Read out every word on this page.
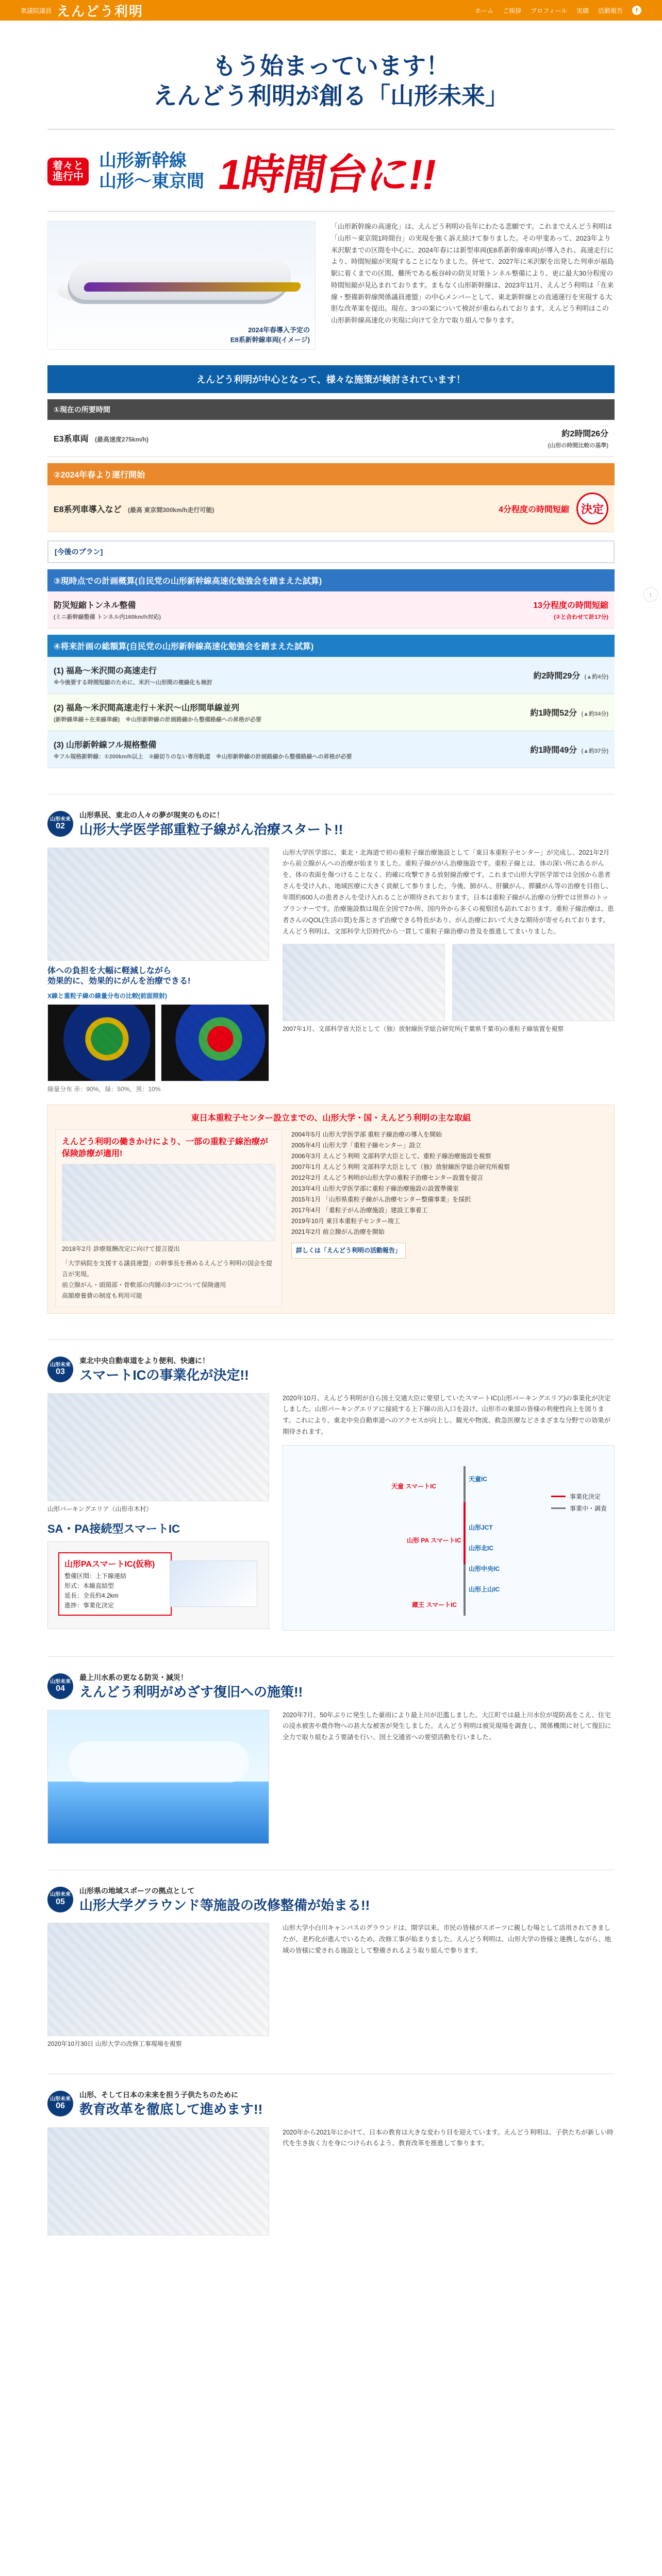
衆議院議員 えんどう利明	ホーム ご挨拶 プロフィール 実績 活動報告	f
もう始まっています！
えんどう利明が創る「山形未来」
着々と
進行中
山形新幹線
山形〜東京間 1時間台に!!
2024年春導入予定の
E8系新幹線車両(イメージ)
「山形新幹線の高速化」は、えんどう利明の長年にわたる悲願です。これまでえんどう利明は「山形〜東京間1時間台」の実現を強く訴え続けて参りました。その甲斐あって、2023年より米沢駅までの区間を中心に、2024年春には新型車両(E8系新幹線車両)が導入され、高速走行により、時間短縮が実現することになりました。併せて、2027年に米沢駅を出発した列車が福島駅に着くまでの区間、難所である板谷峠の防災対策トンネル整備により、更に最大30分程度の時間短縮が見込まれております。まもなく山形新幹線は、2023年11月、えんどう利明は「在来線・整備新幹線関係議員連盟」の中心メンバーとして、東北新幹線との直通運行を実現する大胆な改革案を提出。現在、3つの案について検討が重ねられております。えんどう利明はこの山形新幹線高速化の実現に向けて全力で取り組んで参ります。
えんどう利明が中心となって、様々な施策が検討されています！
①現在の所要時間
E3系車両 (最高速度275km/h)
約2時間26分
(山形の時間比較の基準)
②2024年春より運行開始
E8系列車導入など (最高 東京間300km/h走行可能)	4分程度の時間短縮	決定
[今後のプラン]
③現時点での計画概算(自民党の山形新幹線高速化勉強会を踏まえた試算)
防災短縮トンネル整備
(ミニ新幹線整備 トンネル内160km/h対応)
13分程度の時間短縮
(②と合わせて計17分)
④将来計画の総額算(自民党の山形新幹線高速化勉強会を踏まえた試算)
(1) 福島〜米沢間の高速走行
※今後要する時間短縮のために、米沢〜山形間の複線化も検討
約2時間29分 (▲約4分)
(2) 福島〜米沢間高速走行＋米沢〜山形間単線並列
(新幹線単線＋在来線単線)　※山形新幹線の計画路線から整備路線への昇格が必要
約1時間52分 (▲約34分)
(3) 山形新幹線フル規格整備
※フル規格新幹線：①200km/h以上　②線切りのない専用軌道　※山形新幹線の計画路線から整備路線への昇格が必要
約1時間49分 (▲約37分)
山形未来
02
山形県民、東北の人々の夢が現実のものに！
山形大学医学部重粒子線がん治療スタート!!
体への負担を大幅に軽減しながら
効果的に、効果的にがんを治療できる!
X線と重粒子線の線量分布の比較(前面照射)
線量分布 赤：90%，緑：50%，黒：10%
山形大学医学部に、東北・北海道で初の重粒子線治療施設として「東日本重粒子センター」が完成し、2021年2月から前立腺がんへの治療が始まりました。重粒子線ががん治療施設です。重粒子線とは、体の深い所にあるがんを、体の表面を傷つけることなく、的確に攻撃できる放射線治療です。これまで山形大学医学部では全国から患者さんを受け入れ、地域医療に大きく貢献して参りました。今後、肺がん、肝臓がん、膵臓がん等の治療を目指し、年間約600人の患者さんを受け入れることが期待されております。日本は重粒子線がん治療の分野では世界のトップランナーです。治療施設数は現在全国で7か所、国内外から多くの視察団も訪れております。重粒子線治療は、患者さんのQOL(生活の質)を落とさず治療できる特長があり、がん治療において大きな期待が寄せられております。えんどう利明は、文部科学大臣時代から一貫して重粒子線治療の普及を推進してまいりました。
2007年1月、文部科学省大臣として（独）放射線医学総合研究所(千葉県千葉市)の重粒子線装置を視察
東日本重粒子センター設立までの、山形大学・国・えんどう利明の主な取組
えんどう利明の働きかけにより、一部の重粒子線治療が保険診療が適用!
2018年2月 診療報酬改定に向けて提言提出
「大学病院を支援する議員連盟」の幹事長を務めるえんどう利明の国会を提言が実現。
前立腺がん・頭頸部・骨軟部の肉腫の3つについて保険適用
高額療養費の制度も利用可能
2004年5月 山形大学医学部 重粒子線治療の導入を開始
2005年4月 山形大学「重粒子線センター」設立
2006年3月 えんどう利明 文部科学大臣として、重粒子線治療施設を視察
2007年1月 えんどう利明 文部科学大臣として（独）放射線医学総合研究所視察
2012年2月 えんどう利明が山形大学の重粒子治療センター設置を提言
2013年4月 山形大学医学部に重粒子線治療施設の設置準備室
2015年1月 「山形県重粒子線がん治療センター整備事業」を採択
2017年4月 「重粒子がん治療施設」建設工事着工
2019年10月 東日本重粒子センター竣工
2021年2月 前立腺がん治療を開始
詳しくは「えんどう利明の活動報告」
山形未来
03
東北中央自動車道をより便利、快適に！
スマートICの事業化が決定!!
山形パーキングエリア（山形市木村）
SA・PA接続型スマートIC
山形PAスマートIC(仮称)
整備区間：上下線連結
形式：本線直結型
延長：全長約4.2km
進捗：事業化決定
2020年10月、えんどう利明が自ら国土交通大臣に要望していたスマートIC(山形パーキングエリア)の事業化が決定しました。山形パーキングエリアに接続する上下線の出入口を設け、山形市の東部の皆様の利便性向上を図ります。これにより、東北中央自動車道へのアクセスが向上し、観光や物流、救急医療などさまざまな分野での効果が期待されます。
天童 スマートIC
天童IC
山形JCT
山形 PA スマートIC
山形北IC
山形中央IC
山形上山IC
蔵王 スマートIC
事業化決定
事業中・調査
山形未来
04
最上川水系の更なる防災・減災！
えんどう利明がめざす復旧への施策!!
2020年7月、50年ぶりに発生した豪雨により最上川が氾濫しました。大江町では最上川水位が堤防高をこえ、住宅の浸水被害や農作物への甚大な被害が発生しました。えんどう利明は被災現場を調査し、関係機関に対して復旧に全力で取り組むよう要請を行い、国土交通省への要望活動を行いました。
山形未来
05
山形県の地域スポーツの拠点として
山形大学グラウンド等施設の改修整備が始まる!!
2020年10月30日 山形大学の改修工事現場を視察
山形大学小白川キャンパスのグラウンドは、開学以来、市民の皆様がスポーツに親しむ場として活用されてきましたが、老朽化が進んでいるため、改修工事が始まりました。えんどう利明は、山形大学の皆様と連携しながら、地域の皆様に愛される施設として整備されるよう取り組んで参ります。
山形未来
06
山形、そして日本の未来を担う子供たちのために
教育改革を徹底して進めます!!
2020年から2021年にかけて、日本の教育は大きな変わり目を迎えています。えんどう利明は、子供たちが新しい時代を生き抜く力を身につけられるよう、教育改革を推進して参ります。
↑
